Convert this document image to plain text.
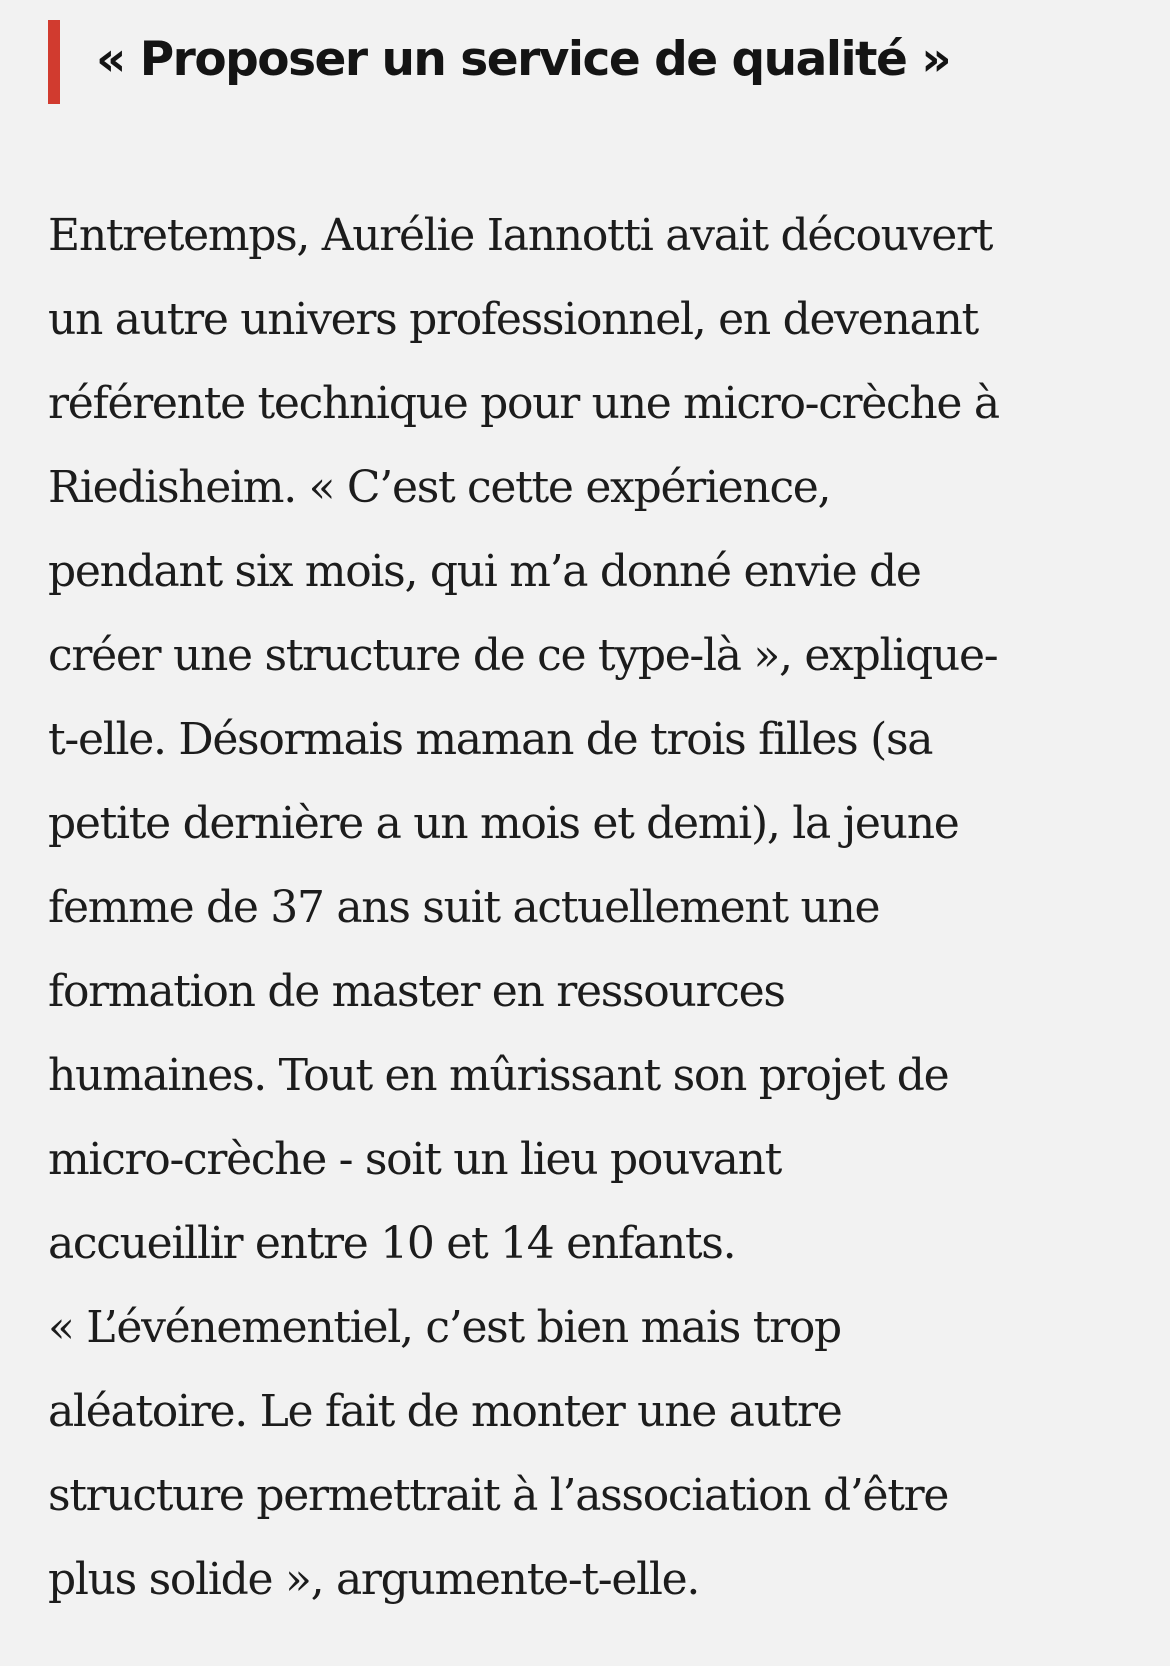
« Proposer un service de qualité »

Entretemps, Aurélie Iannotti avait découvert
un autre univers professionnel, en devenant
référente technique pour une micro-crèche à
Riedisheim. « C’est cette expérience,
pendant six mois, qui m’a donné envie de
créer une structure de ce type-là », explique-
t-elle. Désormais maman de trois filles (sa
petite dernière a un mois et demi), la jeune
femme de 37 ans suit actuellement une
formation de master en ressources
humaines. Tout en mûrissant son projet de
micro-crèche - soit un lieu pouvant
accueillir entre 10 et 14 enfants.
« L’événementiel, c’est bien mais trop
aléatoire. Le fait de monter une autre
structure permettrait à l’association d’être
plus solide », argumente-t-elle.
